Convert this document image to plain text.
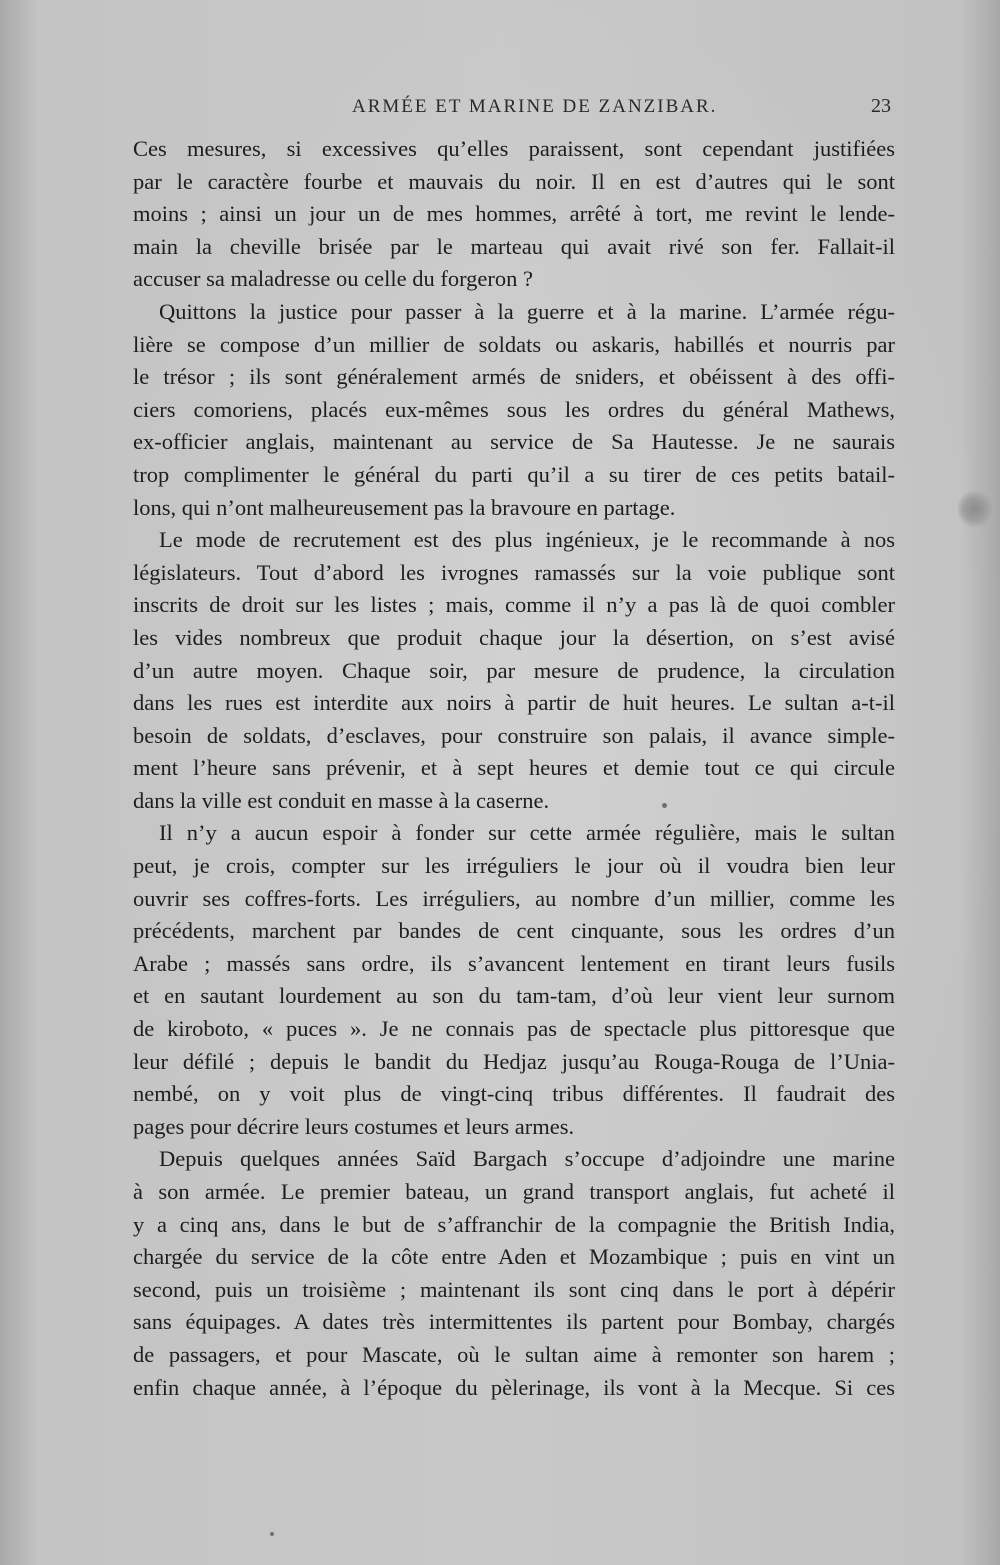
ARMÉE ET MARINE DE ZANZIBAR.	23
Ces mesures, si excessives qu’elles paraissent, sont cependant justifiées
par le caractère fourbe et mauvais du noir. Il en est d’autres qui le sont
moins ; ainsi un jour un de mes hommes, arrêté à tort, me revint le lende-
main la cheville brisée par le marteau qui avait rivé son fer. Fallait-il
accuser sa maladresse ou celle du forgeron ?
Quittons la justice pour passer à la guerre et à la marine. L’armée régu-
lière se compose d’un millier de soldats ou askaris, habillés et nourris par
le trésor ; ils sont généralement armés de sniders, et obéissent à des offi-
ciers comoriens, placés eux-mêmes sous les ordres du général Mathews,
ex-officier anglais, maintenant au service de Sa Hautesse. Je ne saurais
trop complimenter le général du parti qu’il a su tirer de ces petits batail-
lons, qui n’ont malheureusement pas la bravoure en partage.
Le mode de recrutement est des plus ingénieux, je le recommande à nos
législateurs. Tout d’abord les ivrognes ramassés sur la voie publique sont
inscrits de droit sur les listes ; mais, comme il n’y a pas là de quoi combler
les vides nombreux que produit chaque jour la désertion, on s’est avisé
d’un autre moyen. Chaque soir, par mesure de prudence, la circulation
dans les rues est interdite aux noirs à partir de huit heures. Le sultan a-t-il
besoin de soldats, d’esclaves, pour construire son palais, il avance simple-
ment l’heure sans prévenir, et à sept heures et demie tout ce qui circule
dans la ville est conduit en masse à la caserne.
Il n’y a aucun espoir à fonder sur cette armée régulière, mais le sultan
peut, je crois, compter sur les irréguliers le jour où il voudra bien leur
ouvrir ses coffres-forts. Les irréguliers, au nombre d’un millier, comme les
précédents, marchent par bandes de cent cinquante, sous les ordres d’un
Arabe ; massés sans ordre, ils s’avancent lentement en tirant leurs fusils
et en sautant lourdement au son du tam-tam, d’où leur vient leur surnom
de kiroboto, « puces ». Je ne connais pas de spectacle plus pittoresque que
leur défilé ; depuis le bandit du Hedjaz jusqu’au Rouga-Rouga de l’Unia-
nembé, on y voit plus de vingt-cinq tribus différentes. Il faudrait des
pages pour décrire leurs costumes et leurs armes.
Depuis quelques années Saïd Bargach s’occupe d’adjoindre une marine
à son armée. Le premier bateau, un grand transport anglais, fut acheté il
y a cinq ans, dans le but de s’affranchir de la compagnie the British India,
chargée du service de la côte entre Aden et Mozambique ; puis en vint un
second, puis un troisième ; maintenant ils sont cinq dans le port à dépérir
sans équipages. A dates très intermittentes ils partent pour Bombay, chargés
de passagers, et pour Mascate, où le sultan aime à remonter son harem ;
enfin chaque année, à l’époque du pèlerinage, ils vont à la Mecque. Si ces
